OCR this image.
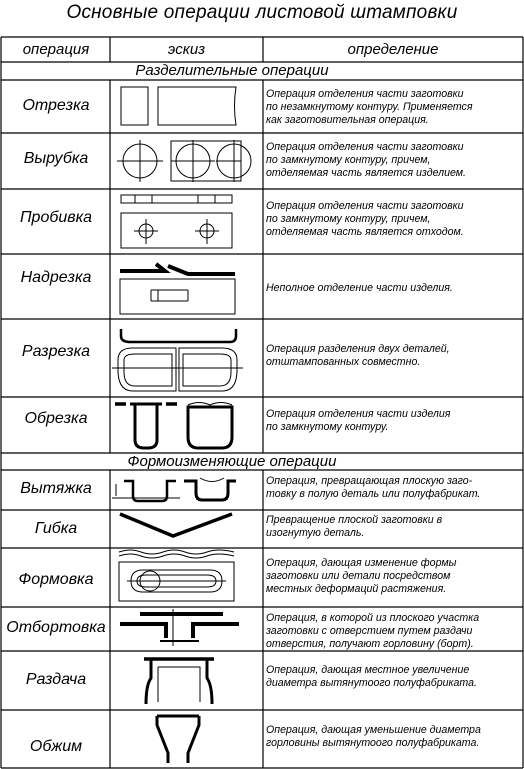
Основные операции листовой штамповки
операция	эскиз	определение
Разделительные операции
Формоизменяющие операции
Отрезка
Вырубка
Пробивка
Надрезка
Разрезка
Обрезка
Вытяжка
Гибка
Формовка
Отбортовка
Раздача
Обжим
Операция отделения части заготовки
по незамкнутому контуру. Применяется
как заготовительная операция.
Операция отделения части заготовки
по замкнутому контуру, причем,
отделяемая часть является изделием.
Операция отделения части заготовки
по замкнутому контуру, причем,
отделяемая часть является отходом.
Неполное отделение части изделия.
Операция разделения двух деталей,
отштампованных совместно.
Операция отделения части изделия
по замкнутому контуру.
Операция, превращающая плоскую заго-
товку в полую деталь или полуфабрикат.
Превращение плоской заготовки в
изогнутую деталь.
Операция, дающая изменение формы
заготовки или детали посредством
местных деформаций растяжения.
Операция, в которой из плоского участка
заготовки с отверстием путем раздачи
отверстия, получают горловину (борт).
Операция, дающая местное увеличение
диаметра вытянутоого полуфабриката.
Операция, дающая уменьшение диаметра
горловины вытянутоого полуфабриката.
